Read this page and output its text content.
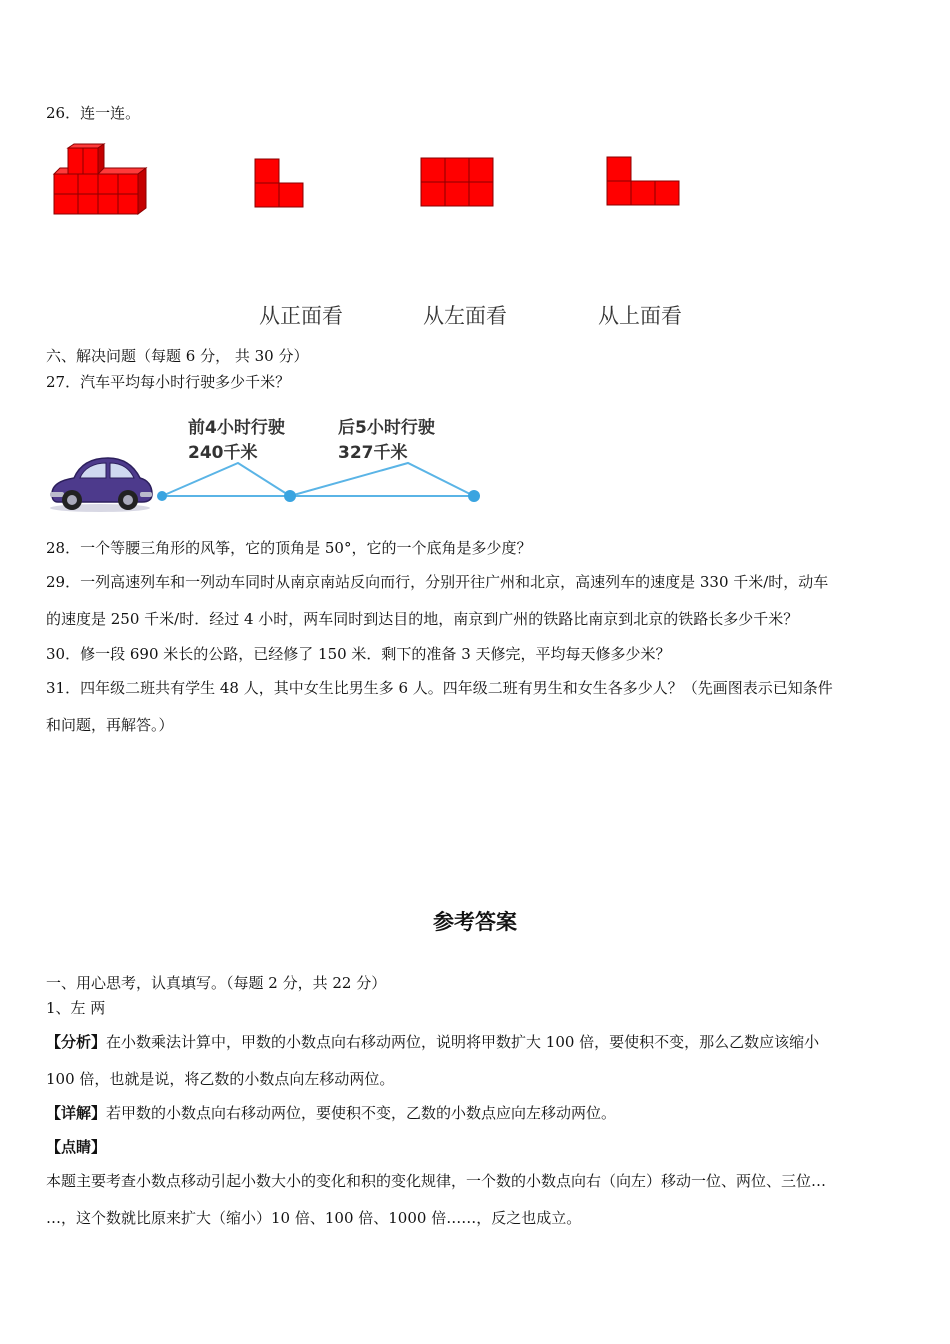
26．连一连。
从正面看	从左面看	从上面看
六、解决问题（每题 6 分， 共 30 分）
27．汽车平均每小时行驶多少千米？
前4小时行驶
240千米
后5小时行驶
327千米
28．一个等腰三角形的风筝，它的顶角是 50°，它的一个底角是多少度？
29．一列高速列车和一列动车同时从南京南站反向而行，分别开往广州和北京，高速列车的速度是 330 千米/时，动车
的速度是 250 千米/时．经过 4 小时，两车同时到达目的地，南京到广州的铁路比南京到北京的铁路长多少千米？
30．修一段 690 米长的公路，已经修了 150 米．剩下的准备 3 天修完，平均每天修多少米？
31．四年级二班共有学生 48 人，其中女生比男生多 6 人。四年级二班有男生和女生各多少人？（先画图表示已知条件
和问题，再解答。）
参考答案
一、用心思考，认真填写。（每题 2 分，共 22 分）
1、左 两
【分析】在小数乘法计算中，甲数的小数点向右移动两位，说明将甲数扩大 100 倍，要使积不变，那么乙数应该缩小
100 倍，也就是说，将乙数的小数点向左移动两位。
【详解】若甲数的小数点向右移动两位，要使积不变，乙数的小数点应向左移动两位。
【点睛】
本题主要考查小数点移动引起小数大小的变化和积的变化规律，一个数的小数点向右（向左）移动一位、两位、三位…
…，这个数就比原来扩大（缩小）10 倍、100 倍、1000 倍……，反之也成立。
